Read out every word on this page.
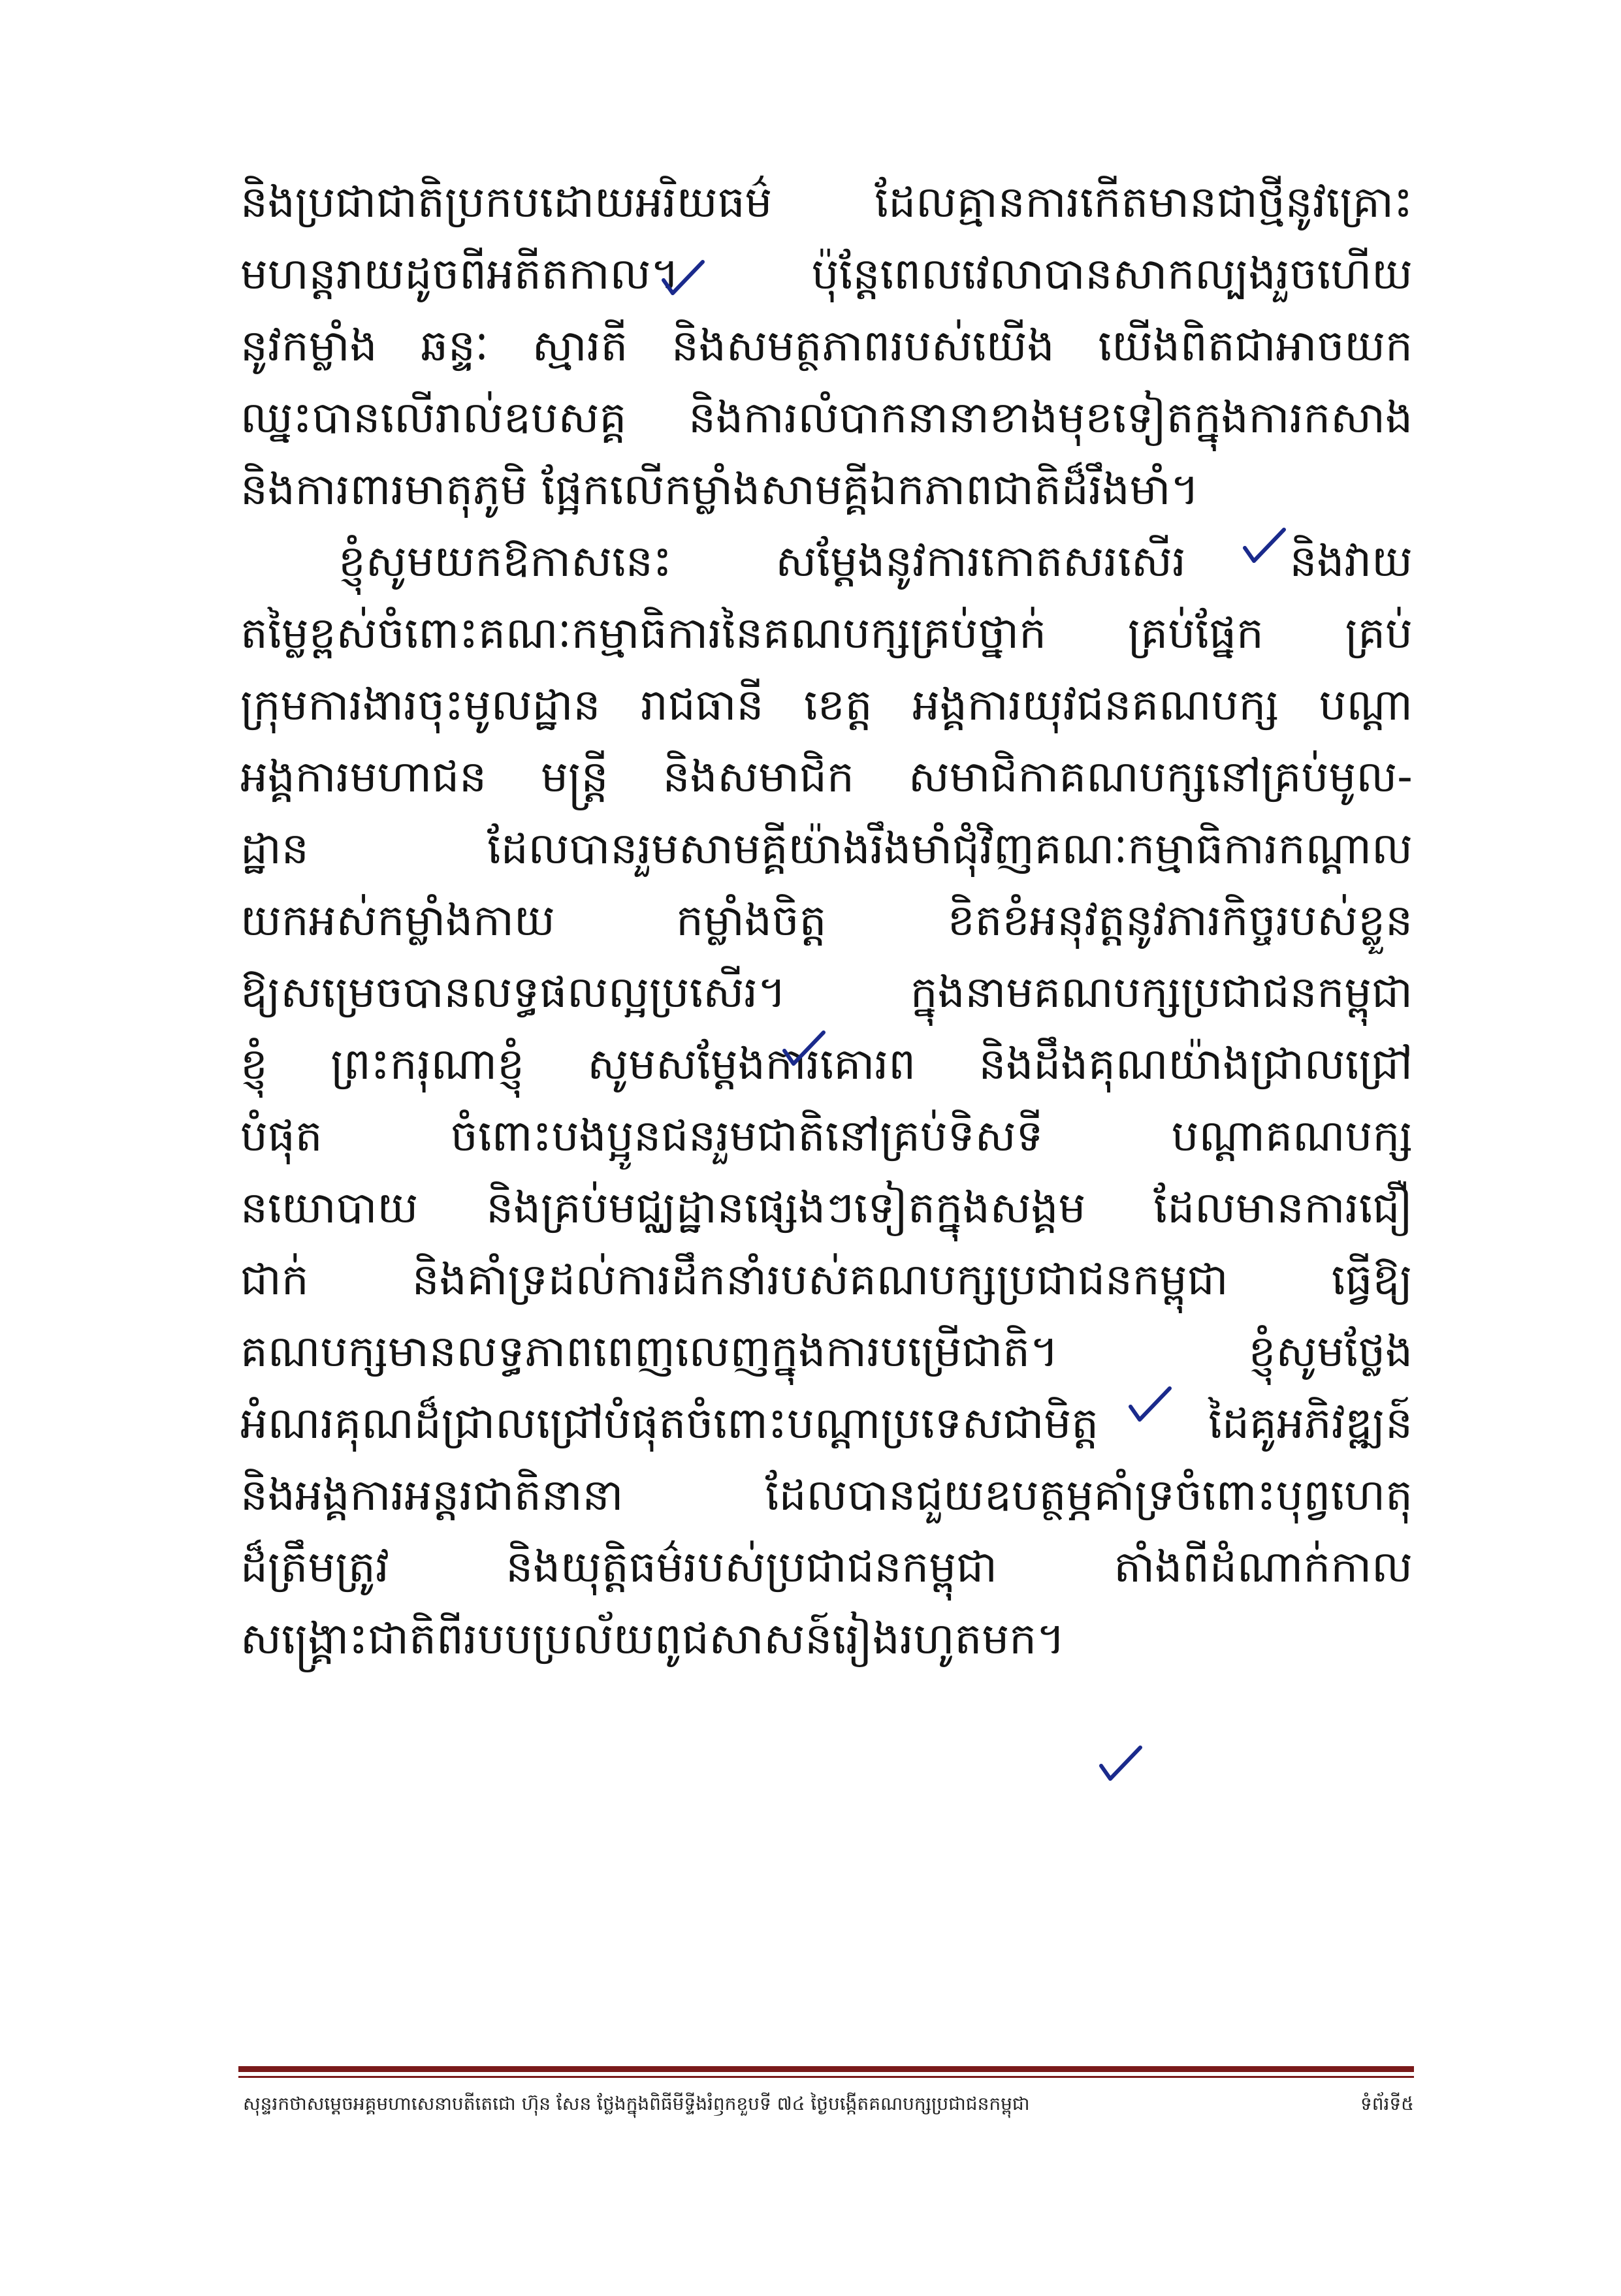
និងប្រជាជាតិប្រកបដោយអរិយធម៌ ដែលគ្មានការកើតមានជាថ្មីនូវគ្រោះ
មហន្តរាយដូចពីអតីតកាល។ ប៉ុន្តែពេលវេលាបានសាកល្បងរួចហើយ
នូវកម្លាំង ឆន្ទៈ ស្មារតី និងសមត្ថភាពរបស់យើង យើងពិតជាអាចយក
ឈ្នះបានលើរាល់ឧបសគ្គ និងការលំបាកនានាខាងមុខទៀតក្នុងការកសាង
និងការពារមាតុភូមិ ផ្អែកលើកម្លាំងសាមគ្គីឯកភាពជាតិដ៏រឹងមាំ។
ខ្ញុំសូមយកឱកាសនេះ សម្តែងនូវការកោតសរសើរ និងវាយ
តម្លៃខ្ពស់ចំពោះគណៈកម្មាធិការនៃគណបក្សគ្រប់ថ្នាក់ គ្រប់ផ្នែក គ្រប់
ក្រុមការងារចុះមូលដ្ឋាន រាជធានី ខេត្ត អង្គការយុវជនគណបក្ស បណ្តា
អង្គការមហាជន មន្ត្រី និងសមាជិក សមាជិកាគណបក្សនៅគ្រប់មូល-
ដ្ឋាន ដែលបានរួមសាមគ្គីយ៉ាងរឹងមាំជុំវិញគណៈកម្មាធិការកណ្តាល
យកអស់កម្លាំងកាយ កម្លាំងចិត្ត ខិតខំអនុវត្តនូវភារកិច្ចរបស់ខ្លួន
ឱ្យសម្រេចបានលទ្ធផលល្អប្រសើរ។ ក្នុងនាមគណបក្សប្រជាជនកម្ពុជា
ខ្ញុំ ព្រះករុណាខ្ញុំ សូមសម្តែងការគោរព និងដឹងគុណយ៉ាងជ្រាលជ្រៅ
បំផុត ចំពោះបងប្អូនជនរួមជាតិនៅគ្រប់ទិសទី បណ្តាគណបក្ស
នយោបាយ និងគ្រប់មជ្ឈដ្ឋានផ្សេងៗទៀតក្នុងសង្គម ដែលមានការជឿ
ជាក់ និងគាំទ្រដល់ការដឹកនាំរបស់គណបក្សប្រជាជនកម្ពុជា ធ្វើឱ្យ
គណបក្សមានលទ្ធភាពពេញលេញក្នុងការបម្រើជាតិ។ ខ្ញុំសូមថ្លែង
អំណរគុណដ៏ជ្រាលជ្រៅបំផុតចំពោះបណ្តាប្រទេសជាមិត្ត ដៃគូអភិវឌ្ឍន៍
និងអង្គការអន្តរជាតិនានា ដែលបានជួយឧបត្ថម្ភគាំទ្រចំពោះបុព្វហេតុ
ដ៏ត្រឹមត្រូវ និងយុត្តិធម៌របស់ប្រជាជនកម្ពុជា តាំងពីដំណាក់កាល
សង្គ្រោះជាតិពីរបបប្រល័យពូជសាសន៍រៀងរហូតមក។
សុន្ទរកថាសម្តេចអគ្គមហាសេនាបតីតេជោ ហ៊ុន សែន ថ្លែងក្នុងពិធីមីទ្ទីងរំឭកខួបទី ៧៤ ថ្ងៃបង្កើតគណបក្សប្រជាជនកម្ពុជា	ទំព័រទី៥
